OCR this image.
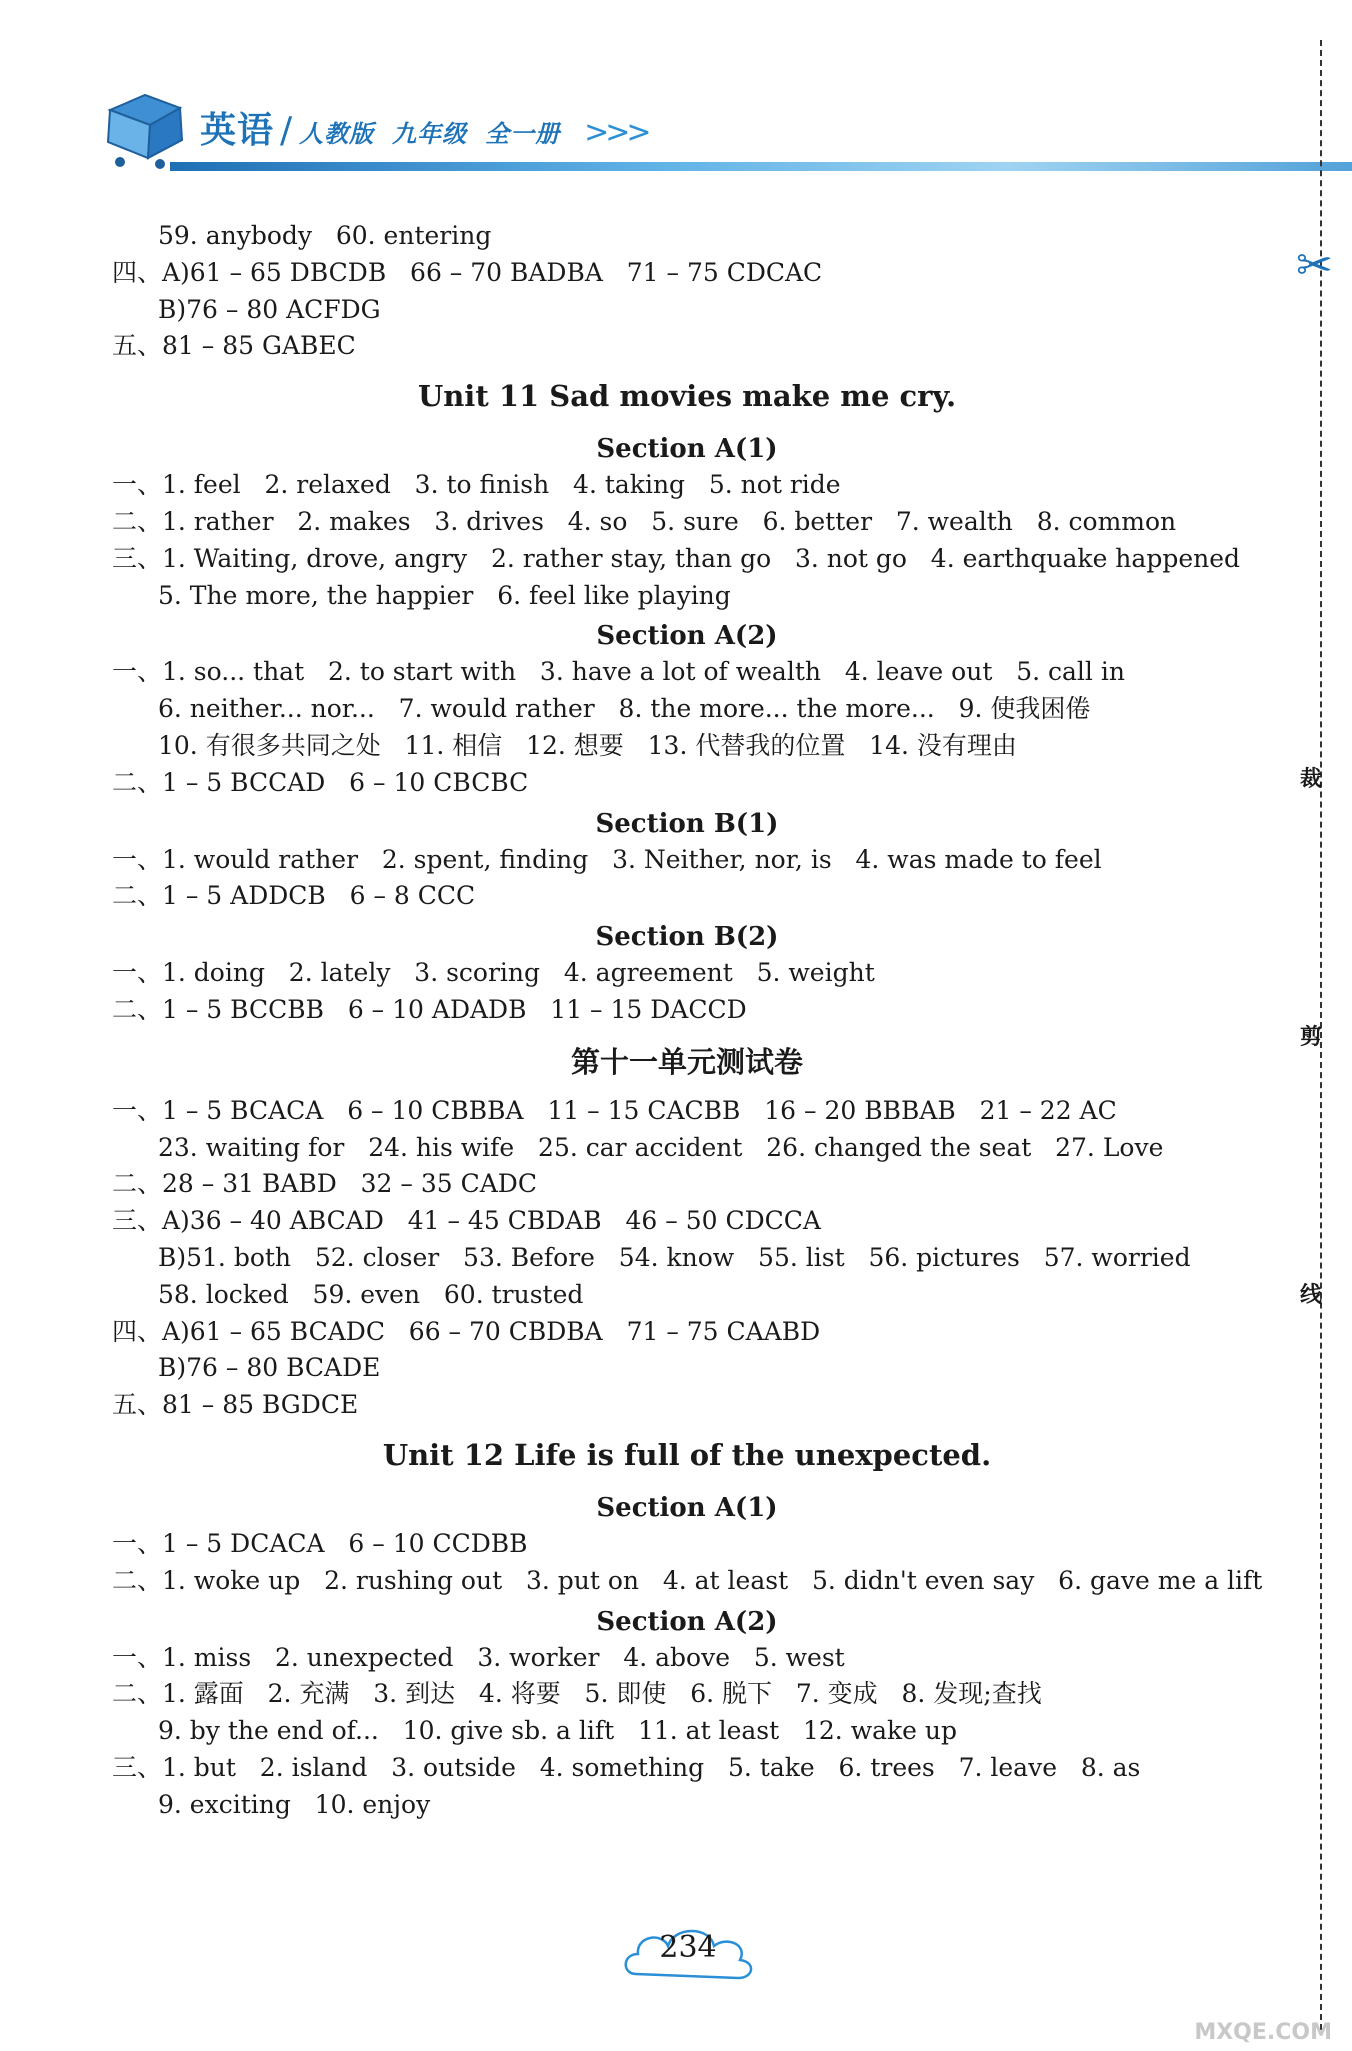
英语 / 人教版 九年级 全一册 >>>
✂
裁
剪
线
59. anybody   60. entering
四、A)61 – 65 DBCDB   66 – 70 BADBA   71 – 75 CDCAC
B)76 – 80 ACFDG
五、81 – 85 GABEC
Unit 11 Sad movies make me cry.
Section A(1)
一、1. feel   2. relaxed   3. to finish   4. taking   5. not ride
二、1. rather   2. makes   3. drives   4. so   5. sure   6. better   7. wealth   8. common
三、1. Waiting, drove, angry   2. rather stay, than go   3. not go   4. earthquake happened
5. The more, the happier   6. feel like playing
Section A(2)
一、1. so... that   2. to start with   3. have a lot of wealth   4. leave out   5. call in
6. neither... nor...   7. would rather   8. the more... the more...   9. 使我困倦
10. 有很多共同之处   11. 相信   12. 想要   13. 代替我的位置   14. 没有理由
二、1 – 5 BCCAD   6 – 10 CBCBC
Section B(1)
一、1. would rather   2. spent, finding   3. Neither, nor, is   4. was made to feel
二、1 – 5 ADDCB   6 – 8 CCC
Section B(2)
一、1. doing   2. lately   3. scoring   4. agreement   5. weight
二、1 – 5 BCCBB   6 – 10 ADADB   11 – 15 DACCD
第十一单元测试卷
一、1 – 5 BCACA   6 – 10 CBBBA   11 – 15 CACBB   16 – 20 BBBAB   21 – 22 AC
23. waiting for   24. his wife   25. car accident   26. changed the seat   27. Love
二、28 – 31 BABD   32 – 35 CADC
三、A)36 – 40 ABCAD   41 – 45 CBDAB   46 – 50 CDCCA
B)51. both   52. closer   53. Before   54. know   55. list   56. pictures   57. worried
58. locked   59. even   60. trusted
四、A)61 – 65 BCADC   66 – 70 CBDBA   71 – 75 CAABD
B)76 – 80 BCADE
五、81 – 85 BGDCE
Unit 12 Life is full of the unexpected.
Section A(1)
一、1 – 5 DCACA   6 – 10 CCDBB
二、1. woke up   2. rushing out   3. put on   4. at least   5. didn't even say   6. gave me a lift
Section A(2)
一、1. miss   2. unexpected   3. worker   4. above   5. west
二、1. 露面   2. 充满   3. 到达   4. 将要   5. 即使   6. 脱下   7. 变成   8. 发现;查找
9. by the end of...   10. give sb. a lift   11. at least   12. wake up
三、1. but   2. island   3. outside   4. something   5. take   6. trees   7. leave   8. as
9. exciting   10. enjoy
234
MXQE.COM
